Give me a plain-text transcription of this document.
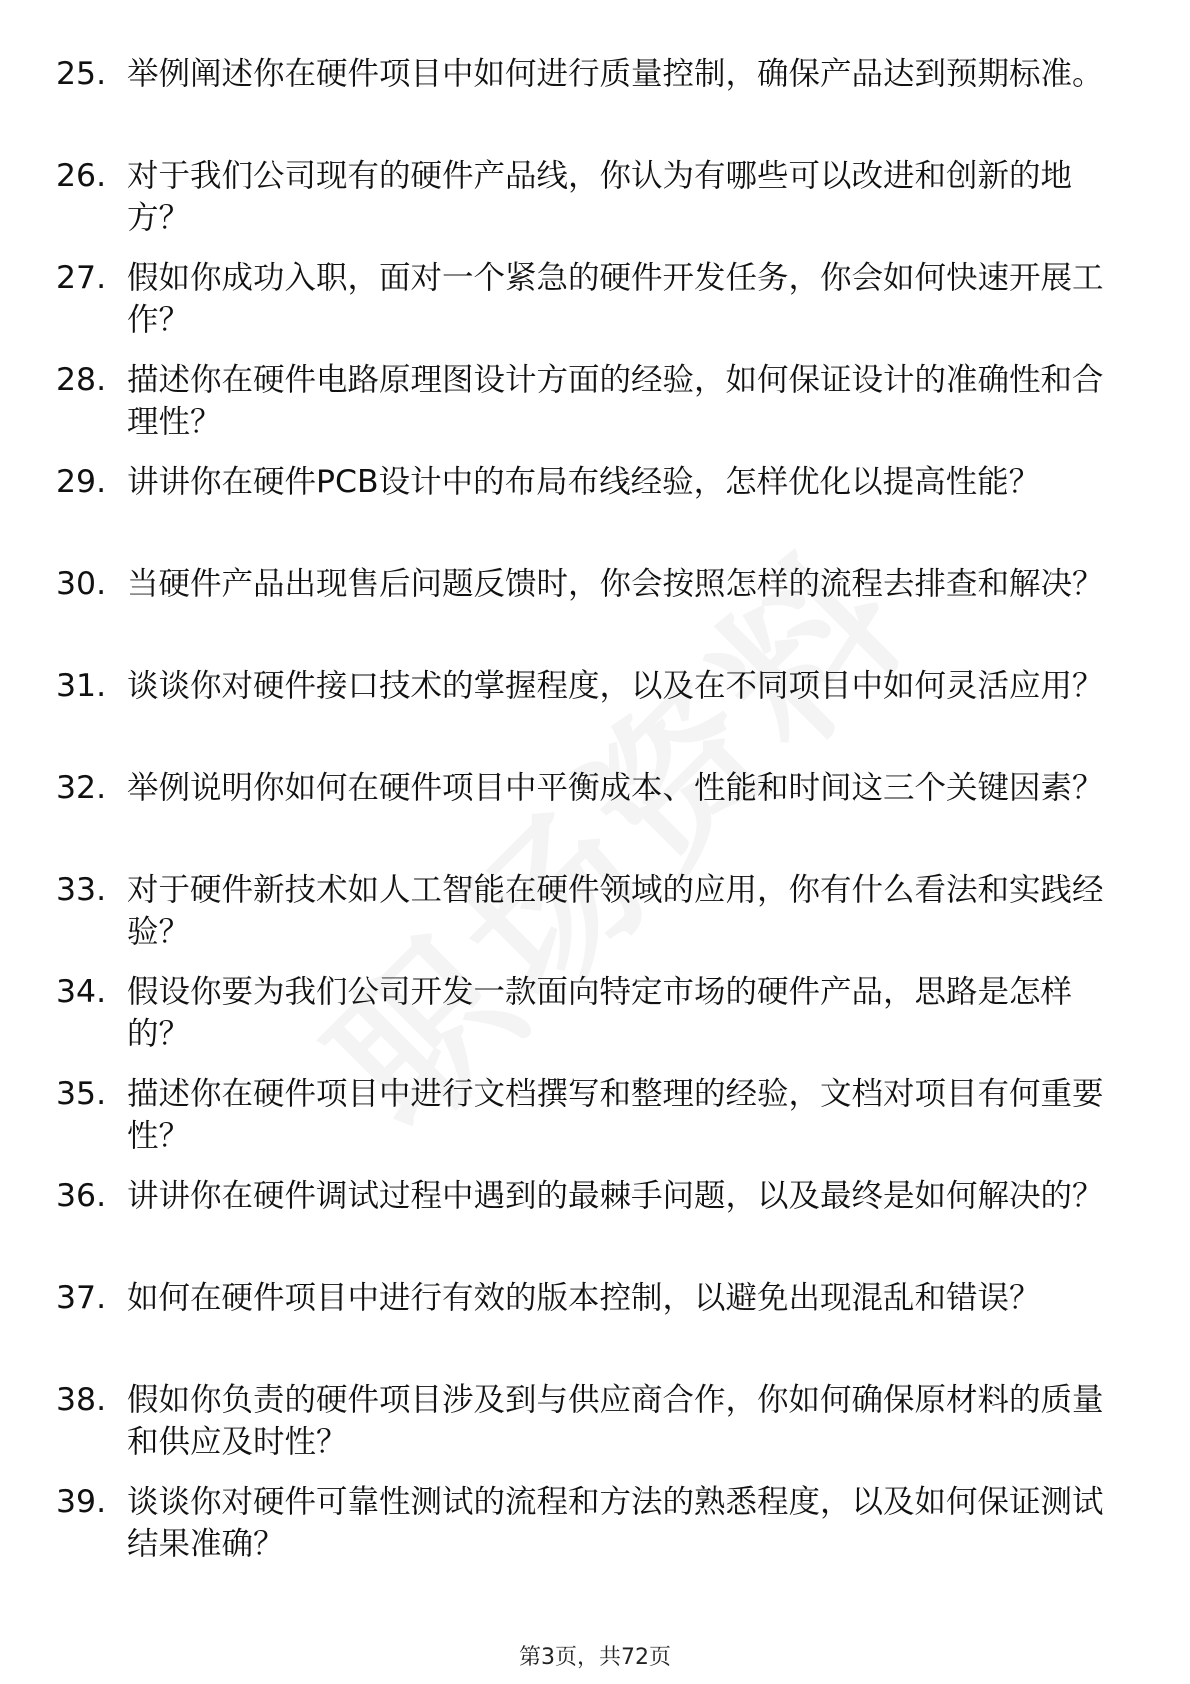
25. 举例阐述你在硬件项目中如何进行质量控制，确保产品达到预期标准。
26. 对于我们公司现有的硬件产品线，你认为有哪些可以改进和创新的地方？
27. 假如你成功入职，面对一个紧急的硬件开发任务，你会如何快速开展工作？
28. 描述你在硬件电路原理图设计方面的经验，如何保证设计的准确性和合理性？
29. 讲讲你在硬件PCB设计中的布局布线经验，怎样优化以提高性能？
30. 当硬件产品出现售后问题反馈时，你会按照怎样的流程去排查和解决？
31. 谈谈你对硬件接口技术的掌握程度，以及在不同项目中如何灵活应用？
32. 举例说明你如何在硬件项目中平衡成本、性能和时间这三个关键因素？
33. 对于硬件新技术如人工智能在硬件领域的应用，你有什么看法和实践经验？
34. 假设你要为我们公司开发一款面向特定市场的硬件产品，思路是怎样的？
35. 描述你在硬件项目中进行文档撰写和整理的经验，文档对项目有何重要性？
36. 讲讲你在硬件调试过程中遇到的最棘手问题，以及最终是如何解决的？
37. 如何在硬件项目中进行有效的版本控制，以避免出现混乱和错误？
38. 假如你负责的硬件项目涉及到与供应商合作，你如何确保原材料的质量和供应及时性？
39. 谈谈你对硬件可靠性测试的流程和方法的熟悉程度，以及如何保证测试结果准确？
第3页，共72页
